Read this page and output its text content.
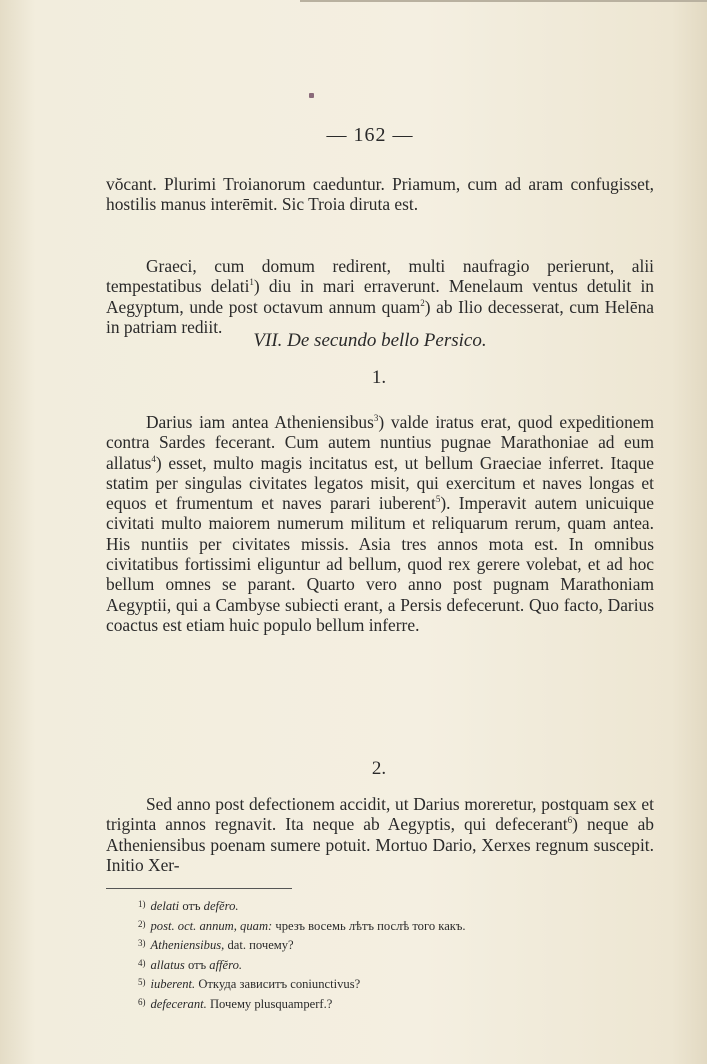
— 162 —

vŏcant. Plurimi Troianorum caeduntur. Priamum, cum ad aram confugisset, hostilis manus interēmit. Sic Troia diruta est.

Graeci, cum domum redirent, multi naufragio perierunt, alii tempestatibus delati$^1$) diu in mari erraverunt. Menelaum ventus detulit in Aegyptum, unde post octavum annum quam$^2$) ab Ilio decesserat, cum Helēna in patriam rediit.

Darius iam antea Atheniensibus$^3$) valde iratus erat, quod expeditionem contra Sardes fecerant. Cum autem nuntius pugnae Marathoniae ad eum allatus$^4$) esset, multo magis incitatus est, ut bellum Graeciae inferret. Itaque statim per singulas civitates legatos misit, qui exercitum et naves longas et equos et frumentum et naves parari iuberent$^5$). Imperavit autem unicuique civitati multo maiorem numerum militum et reliquarum rerum, quam antea. His nuntiis per civitates missis. Asia tres annos mota est. In omnibus civitatibus fortissimi eliguntur ad bellum, quod rex gerere volebat, et ad hoc bellum omnes se parant. Quarto vero anno post pugnam Marathoniam Aegyptii, qui a Cambyse subiecti erant, a Persis defecerunt. Quo facto, Darius coactus est etiam huic populo bellum inferre.

Sed anno post defectionem accidit, ut Darius moreretur, postquam sex et triginta annos regnavit. Ita neque ab Aegyptis, qui defecerant$^6$) neque ab Atheniensibus poenam sumere potuit. Mortuo Dario, Xerxes regnum suscepit. Initio Xer-

VII. De secundo bello Persico.
1.
2.
$^{1)}$ delati отъ defĕro.
$^{2)}$ post. oct. annum, quam: чрезъ восемь лѣтъ послѣ того какъ.
$^{3)}$ Atheniensibus, dat. почему?
$^{4)}$ allatus отъ affĕro.
$^{5)}$ iuberent. Откуда зависитъ coniunctivus?
$^{6)}$ defecerant. Почему plusquamperf.?
